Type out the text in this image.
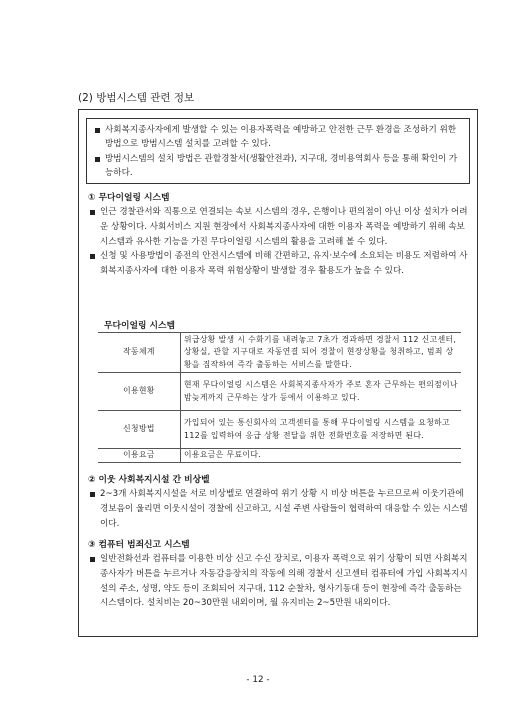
(2) 방범시스템 관련 정보

사회복지종사자에게 발생할 수 있는 이용자폭력을 예방하고 안전한 근무 환경을 조성하기 위한 방법으로 방범시스템 설치를 고려할 수 있다.

방범시스템의 설치 방법은 관할경찰서(생활안전과), 지구대, 경비용역회사 등을 통해 확인이 가능하다.

① 무다이얼링 시스템

인근 경찰관서와 직통으로 연결되는 속보 시스템의 경우, 은행이나 편의점이 아닌 이상 설치가 어려운 상황이다. 사회서비스 지원 현장에서 사회복지종사자에 대한 이용자 폭력을 예방하기 위해 속보 시스템과 유사한 기능을 가진 무다이얼링 시스템의 활용을 고려해 볼 수 있다.

신청 및 사용방법이 종전의 안전시스템에 비해 간편하고, 유지·보수에 소요되는 비용도 저렴하여 사회복지종사자에 대한 이용자 폭력 위험상황이 발생할 경우 활용도가 높을 수 있다.

무다이얼링 시스템
작동체계	위급상황 발생 시 수화기를 내려놓고 7초가 경과하면 경찰서 112 신고센터, 상황실, 관할 지구대로 자동연결 되어 경찰이 현장상황을 청취하고, 범죄 상황을 짐작하여 즉각 출동하는 서비스를 말한다.
이용현황	현재 무다이얼링 시스템은 사회복지종사자가 주로 혼자 근무하는 편의점이나 밤늦게까지 근무하는 상가 등에서 이용하고 있다.
신청방법	가입되어 있는 통신회사의 고객센터를 통해 무다이얼링 시스템을 요청하고 112를 입력하여 응급 상황 전달을 위한 전화번호를 저장하면 된다.
이용요금	이용요금은 무료이다.
② 이웃 사회복지시설 간 비상벨

2~3개 사회복지시설을 서로 비상벨로 연결하여 위기 상황 시 비상 버튼을 누르므로써 이웃기관에 경보음이 울리면 이웃시설이 경찰에 신고하고, 시설 주변 사람들이 협력하여 대응할 수 있는 시스템이다.

③ 컴퓨터 범죄신고 시스템

일반전화선과 컴퓨터를 이용한 비상 신고 수신 장치로, 이용자 폭력으로 위기 상황이 되면 사회복지종사자가 버튼을 누르거나 자동감응장치의 작동에 의해 경찰서 신고센터 컴퓨터에 가입 사회복지시설의 주소, 성명, 약도 등이 조회되어 지구대, 112 순찰차, 형사기동대 등이 현장에 즉각 출동하는 시스템이다. 설치비는 20~30만원 내외이며, 월 유지비는 2~5만원 내외이다.

- 12 -
